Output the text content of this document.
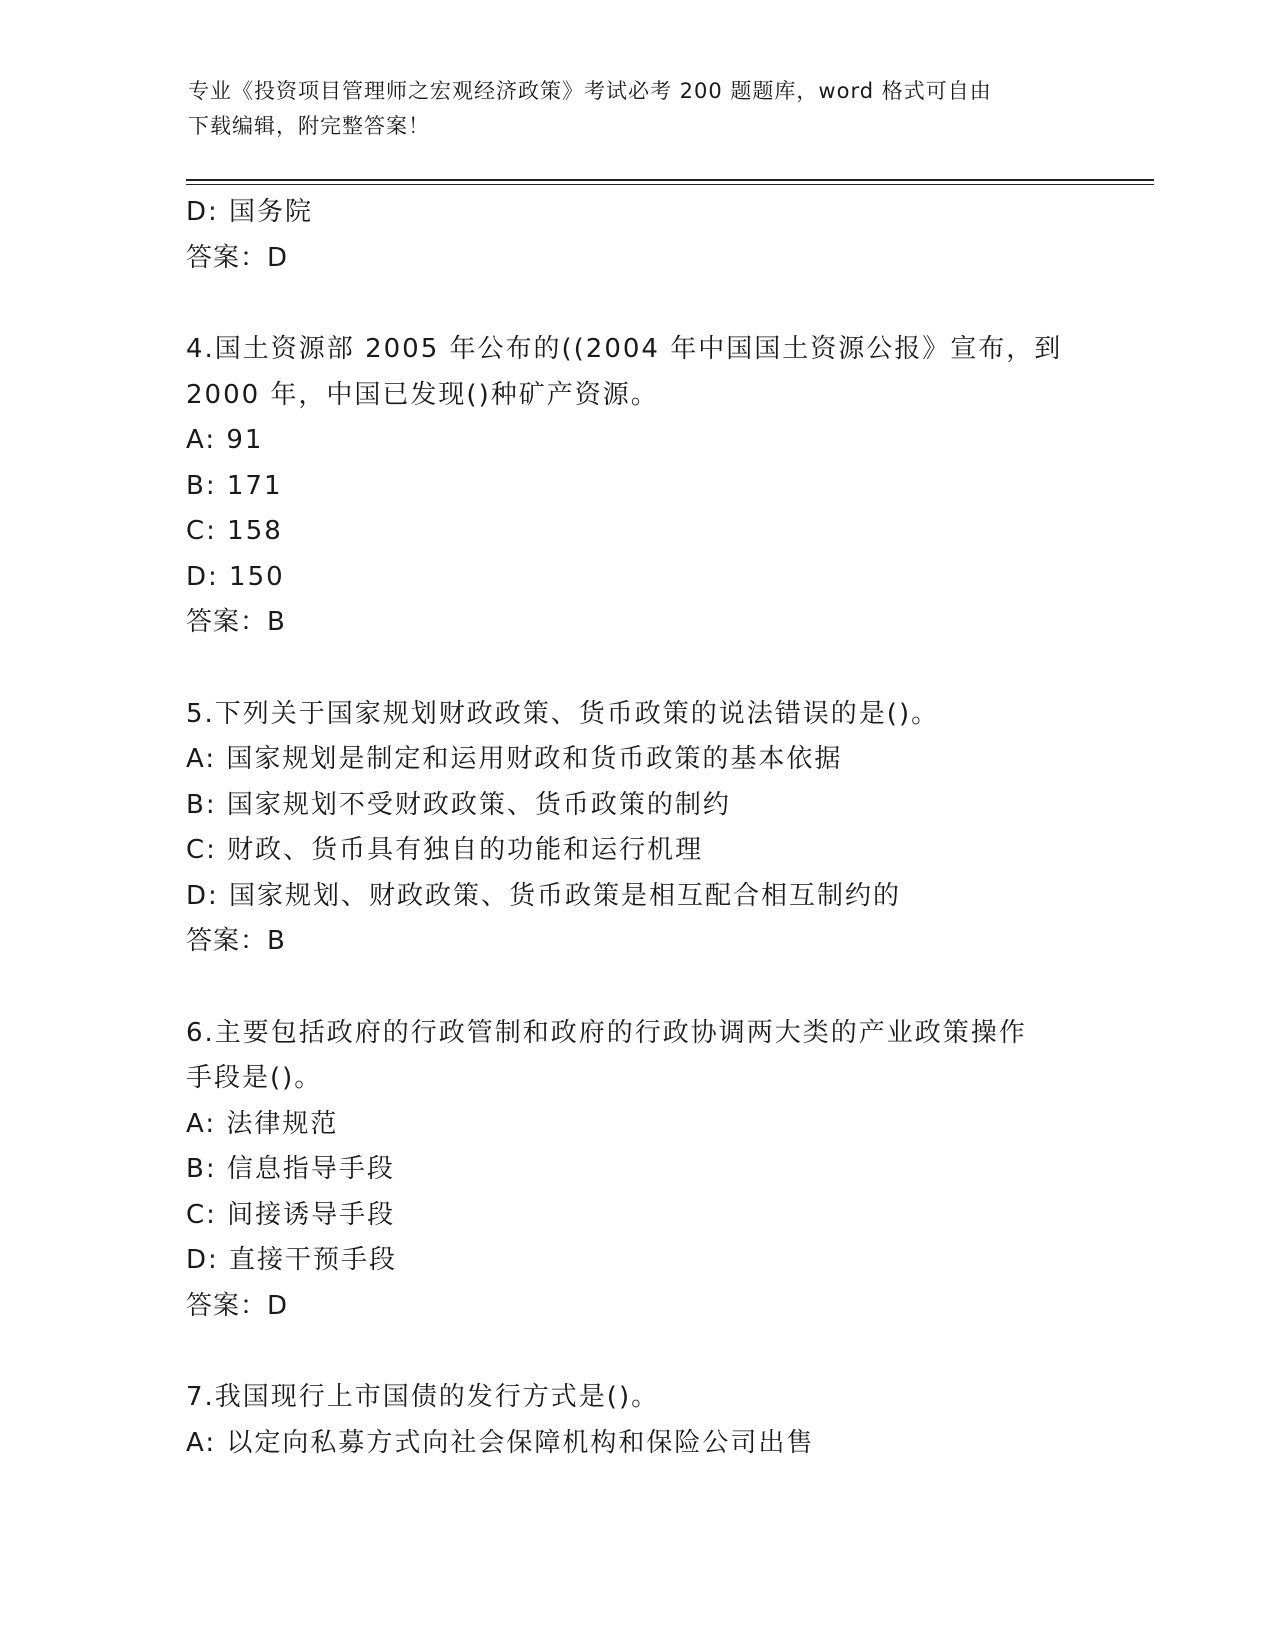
专业《投资项目管理师之宏观经济政策》考试必考 200 题题库，word 格式可自由
下载编辑，附完整答案！
D: 国务院
答案：D
4.国土资源部 2005 年公布的((2004 年中国国土资源公报》宣布，到
2000 年，中国已发现()种矿产资源。
A: 91
B: 171
C: 158
D: 150
答案：B
5.下列关于国家规划财政政策、货币政策的说法错误的是()。
A: 国家规划是制定和运用财政和货币政策的基本依据
B: 国家规划不受财政政策、货币政策的制约
C: 财政、货币具有独自的功能和运行机理
D: 国家规划、财政政策、货币政策是相互配合相互制约的
答案：B
6.主要包括政府的行政管制和政府的行政协调两大类的产业政策操作
手段是()。
A: 法律规范
B: 信息指导手段
C: 间接诱导手段
D: 直接干预手段
答案：D
7.我国现行上市国债的发行方式是()。
A: 以定向私募方式向社会保障机构和保险公司出售
